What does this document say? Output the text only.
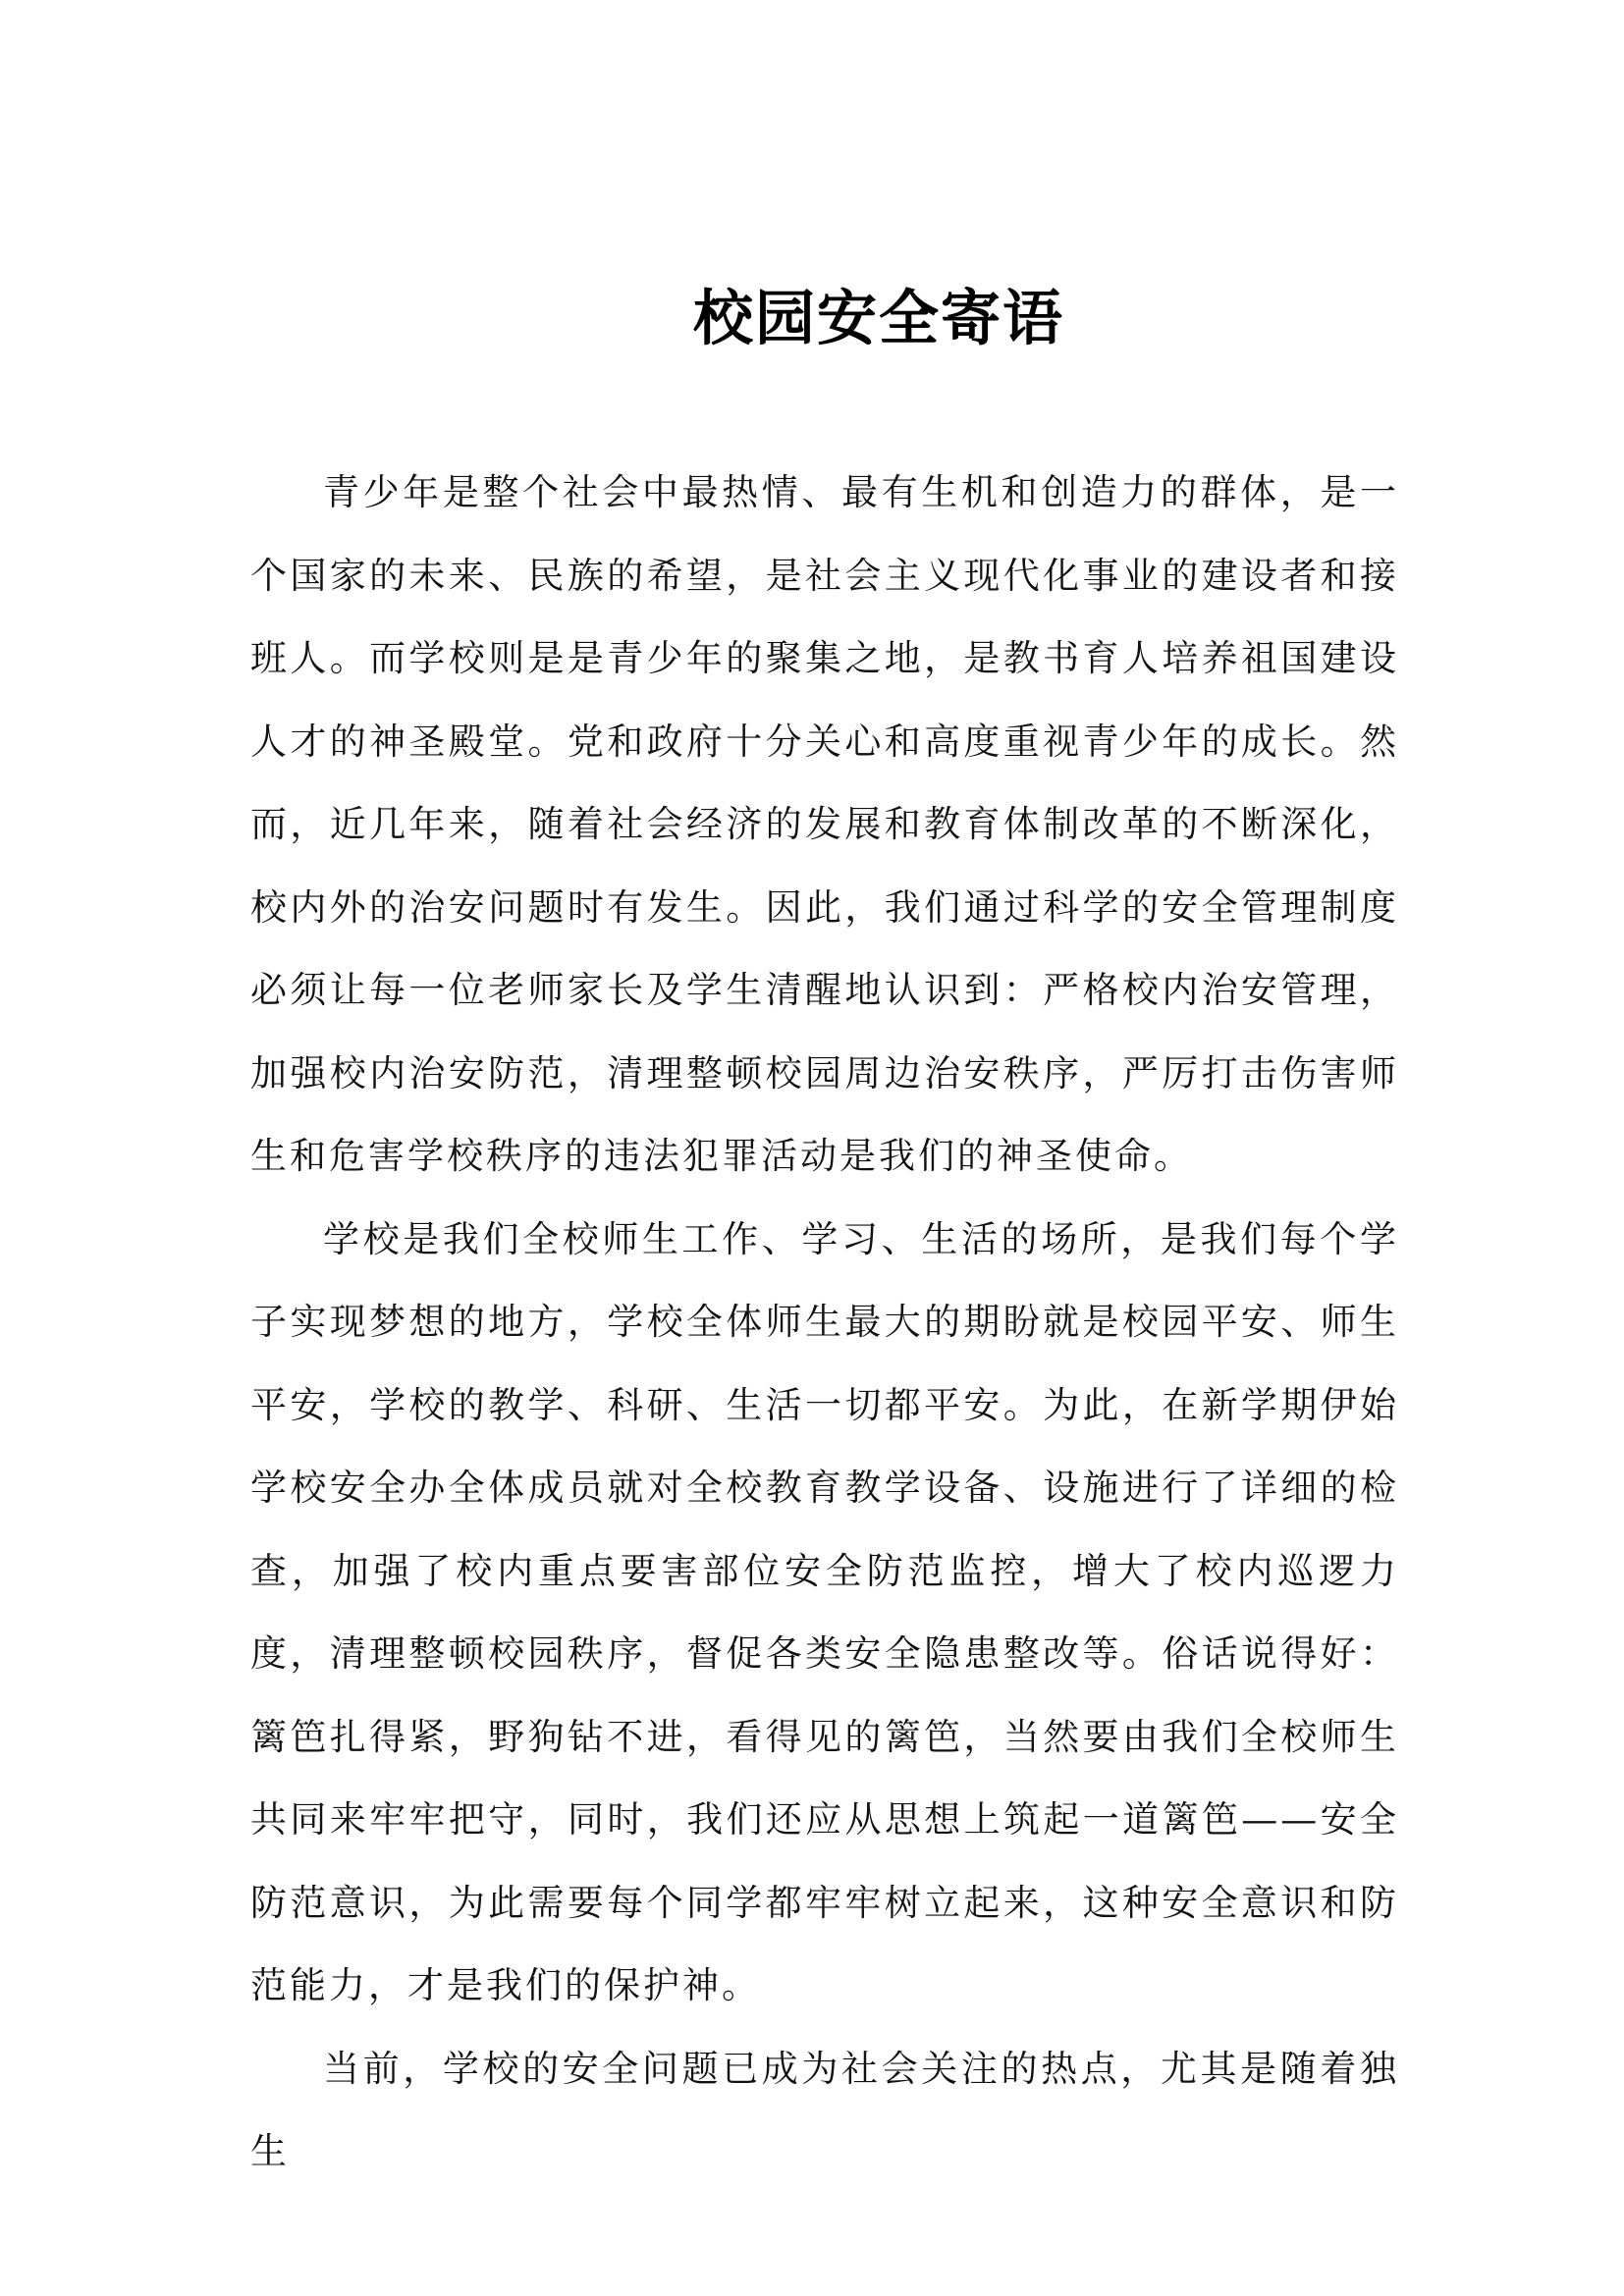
校园安全寄语

青少年是整个社会中最热情、最有生机和创造力的群体，是一个国家的未来、民族的希望，是社会主义现代化事业的建设者和接班人。而学校则是是青少年的聚集之地，是教书育人培养祖国建设人才的神圣殿堂。党和政府十分关心和高度重视青少年的成长。然而，近几年来，随着社会经济的发展和教育体制改革的不断深化，校内外的治安问题时有发生。因此，我们通过科学的安全管理制度必须让每一位老师家长及学生清醒地认识到：严格校内治安管理，加强校内治安防范，清理整顿校园周边治安秩序，严厉打击伤害师生和危害学校秩序的违法犯罪活动是我们的神圣使命。

学校是我们全校师生工作、学习、生活的场所，是我们每个学子实现梦想的地方，学校全体师生最大的期盼就是校园平安、师生平安，学校的教学、科研、生活一切都平安。为此，在新学期伊始学校安全办全体成员就对全校教育教学设备、设施进行了详细的检查，加强了校内重点要害部位安全防范监控，增大了校内巡逻力度，清理整顿校园秩序，督促各类安全隐患整改等。俗话说得好：篱笆扎得紧，野狗钻不进，看得见的篱笆，当然要由我们全校师生共同来牢牢把守，同时，我们还应从思想上筑起一道篱笆——安全防范意识，为此需要每个同学都牢牢树立起来，这种安全意识和防范能力，才是我们的保护神。

当前，学校的安全问题已成为社会关注的热点，尤其是随着独生
